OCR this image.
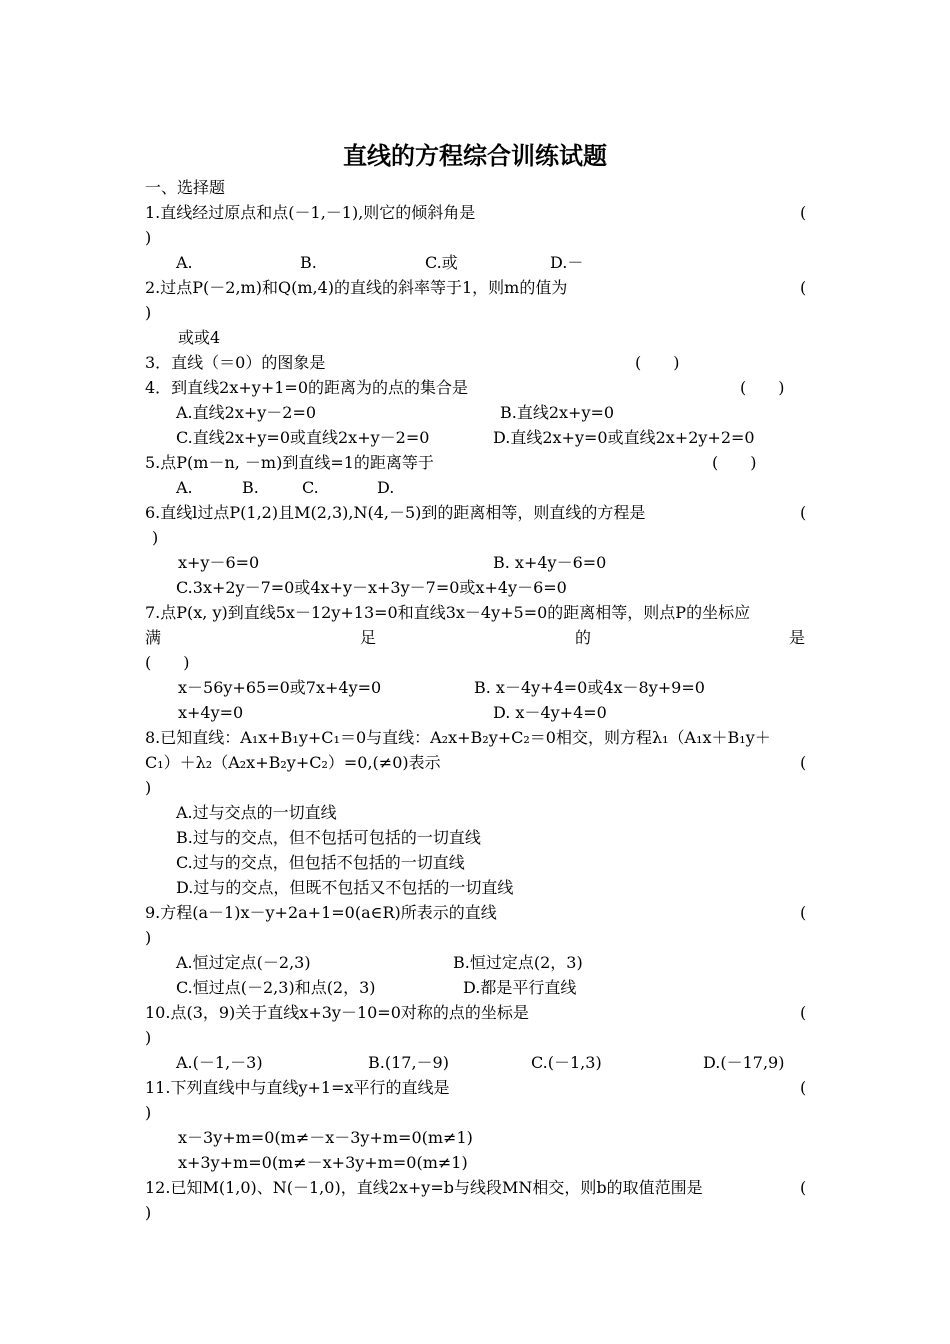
直线的方程综合训练试题
一、选择题
1.直线经过原点和点(－1,－1),则它的倾斜角是	(
)
A.	B.	C.或	D.－
2.过点P(－2,m)和Q(m,4)的直线的斜率等于1，则m的值为	(
)
或或4
3．直线（＝0）的图象是	(　　)
4．到直线2x+y+1=0的距离为的点的集合是	(　　)
A.直线2x+y－2=0	B.直线2x+y=0
C.直线2x+y=0或直线2x+y－2=0	D.直线2x+y=0或直线2x+2y+2=0
5.点P(m－n, －m)到直线=1的距离等于	(　　)
A.	B.	C.	D.
6.直线l过点P(1,2)且M(2,3),N(4,－5)到的距离相等，则直线的方程是	(
)
x+y－6=0	B. x+4y－6=0
C.3x+2y－7=0或4x+y－x+3y－7=0或x+4y－6=0
7.点P(x, y)到直线5x－12y+13=0和直线3x－4y+5=0的距离相等，则点P的坐标应
满	足	的	是
(　　)
x－56y+65=0或7x+4y=0	B. x－4y+4=0或4x－8y+9=0
x+4y=0	D. x－4y+4=0
8.已知直线：A₁x+B₁y+C₁＝0与直线：A₂x+B₂y+C₂＝0相交，则方程λ₁（A₁x＋B₁y＋
C₁）＋λ₂（A₂x+B₂y+C₂）=0,(≠0)表示	(
)
A.过与交点的一切直线
B.过与的交点，但不包括可包括的一切直线
C.过与的交点，但包括不包括的一切直线
D.过与的交点，但既不包括又不包括的一切直线
9.方程(a－1)x－y+2a+1=0(a∈R)所表示的直线	(
)
A.恒过定点(－2,3)	B.恒过定点(2，3)
C.恒过点(－2,3)和点(2，3)	D.都是平行直线
10.点(3，9)关于直线x+3y－10=0对称的点的坐标是	(
)
A.(－1,－3)	B.(17,－9)	C.(－1,3)	D.(－17,9)
11.下列直线中与直线y+1=x平行的直线是	(
)
x－3y+m=0(m≠－x－3y+m=0(m≠1)
x+3y+m=0(m≠－x+3y+m=0(m≠1)
12.已知M(1,0)、N(－1,0)，直线2x+y=b与线段MN相交，则b的取值范围是	(
)
